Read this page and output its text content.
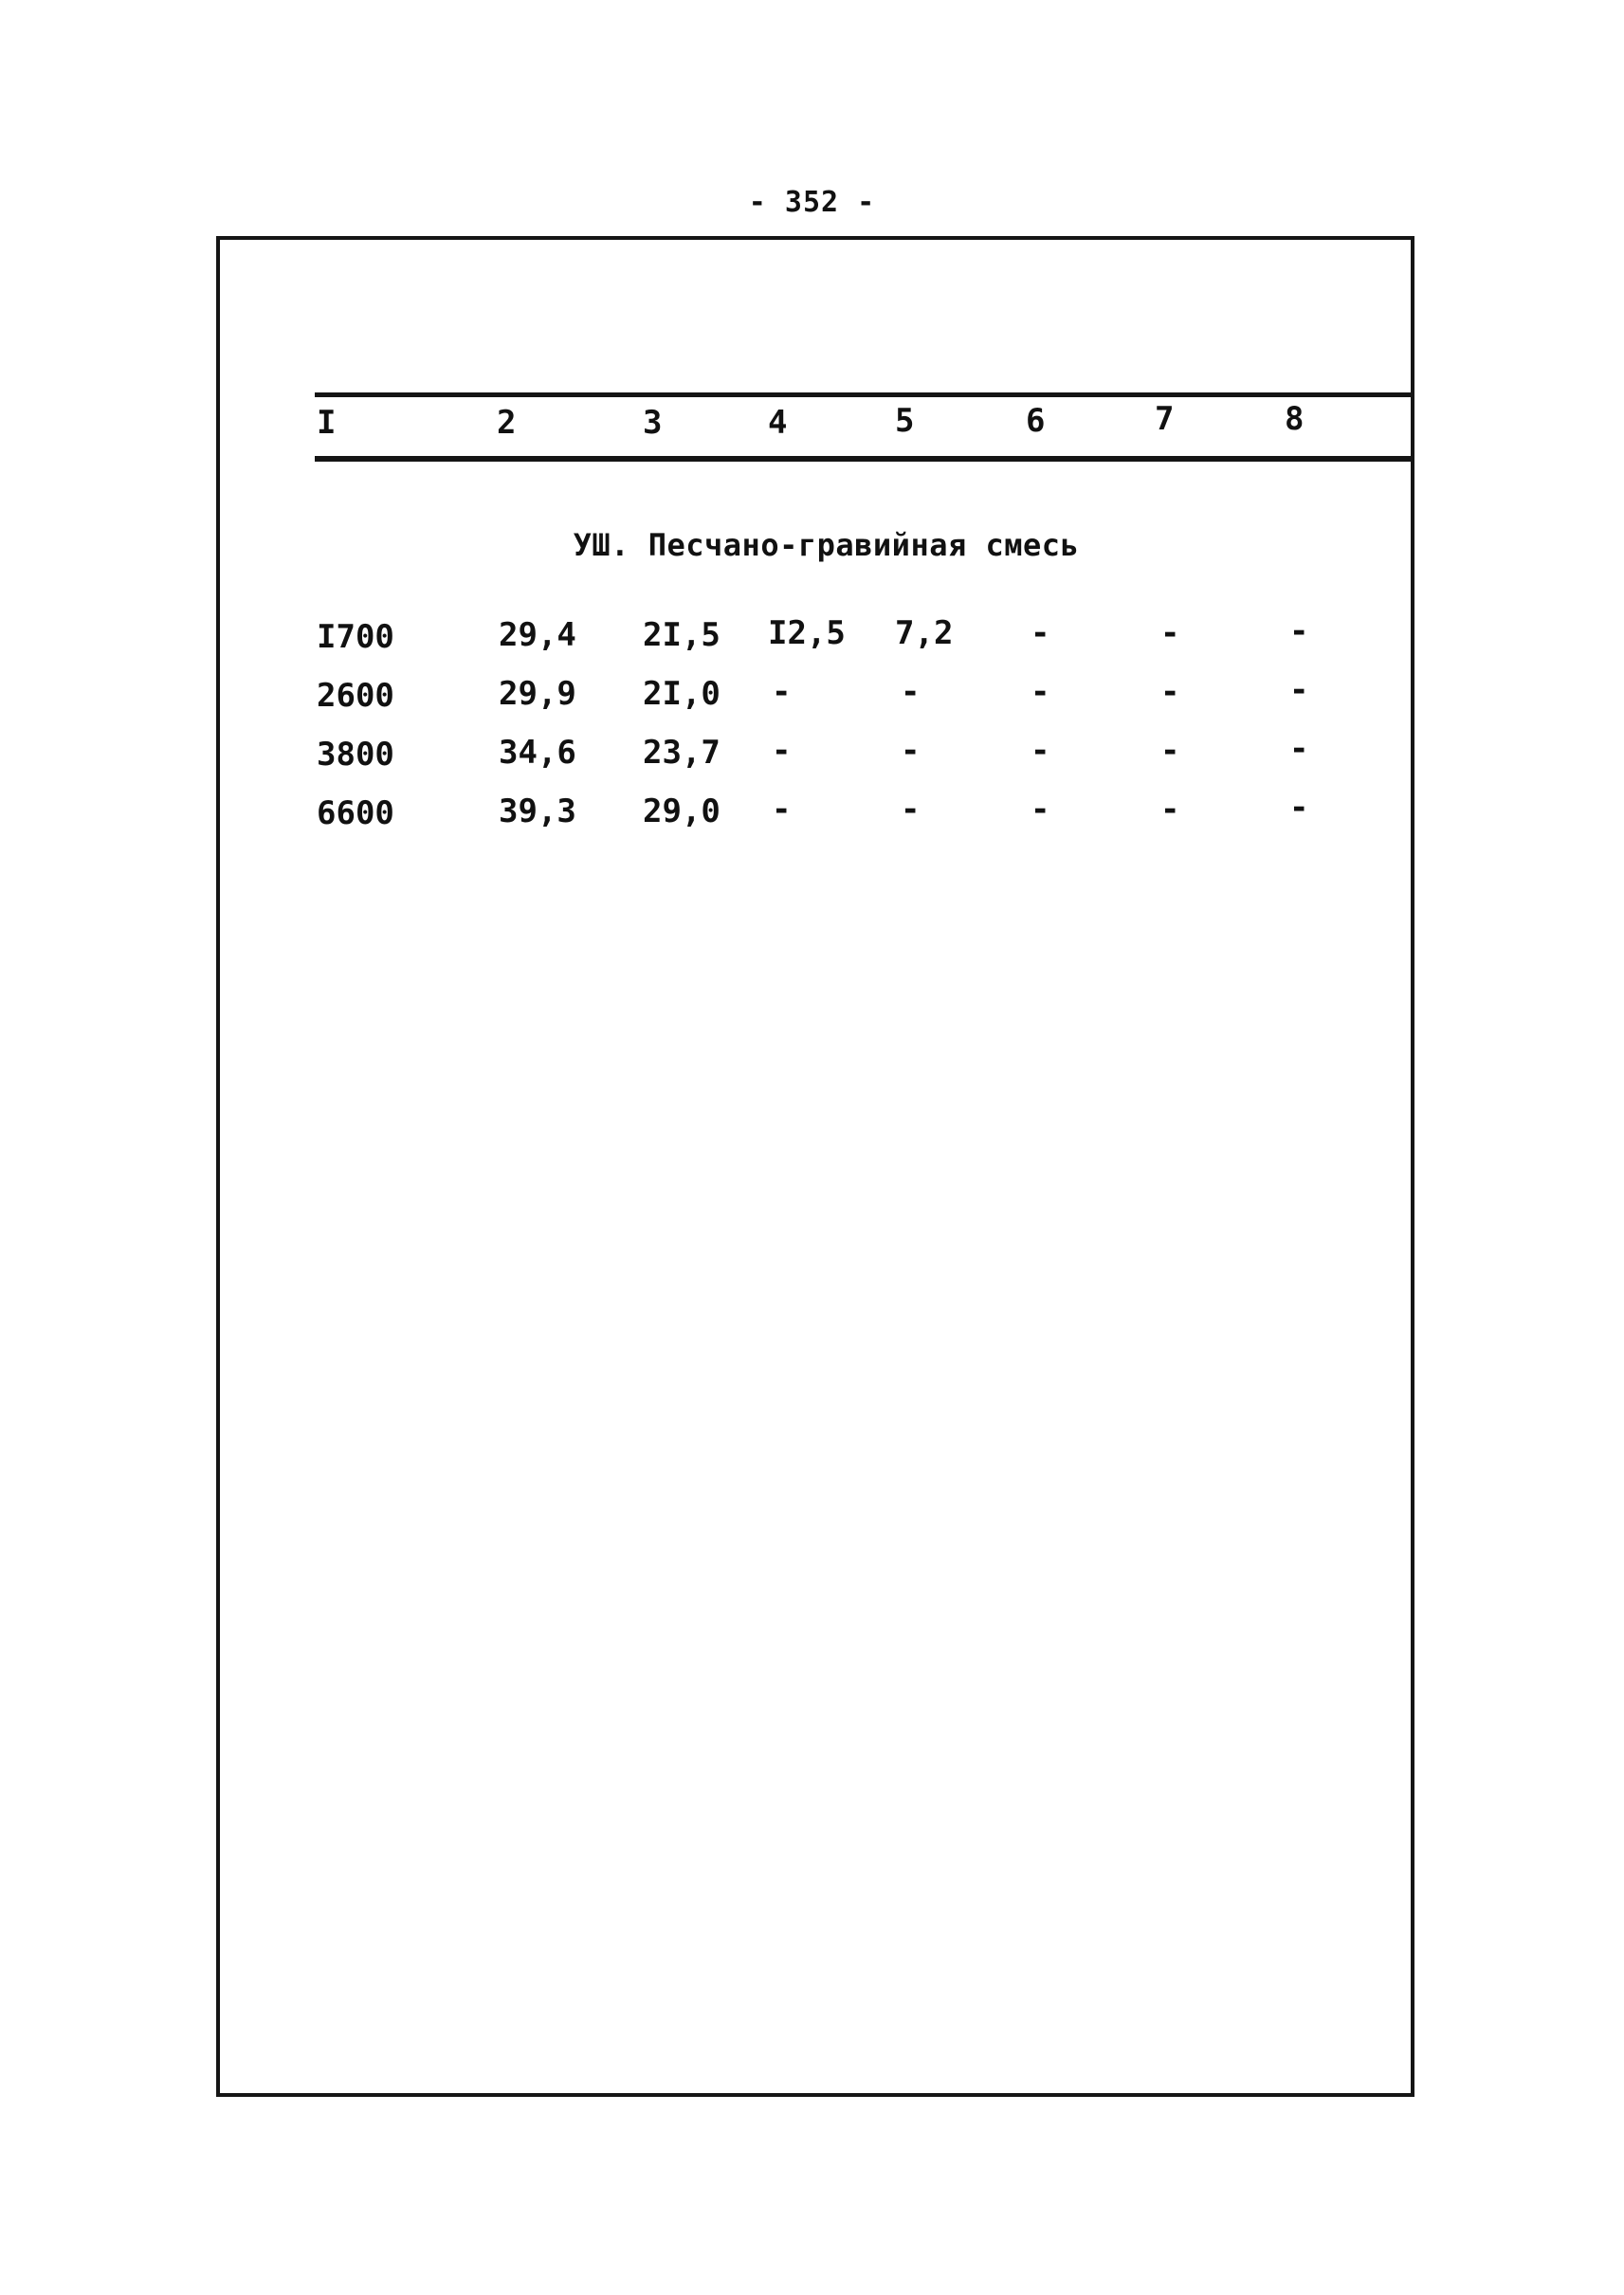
- 352 -
I	2	3	4	5	6	7	8
УШ. Песчано-гравийная смесь
I700	29,4 2I,5 I2,5 7,2 -	-	-
2600	29,9 2I,0 -	-	-	-	-
3800	34,6 23,7 -	-	-	-	-
6600	39,3 29,0 -	-	-	-	-
